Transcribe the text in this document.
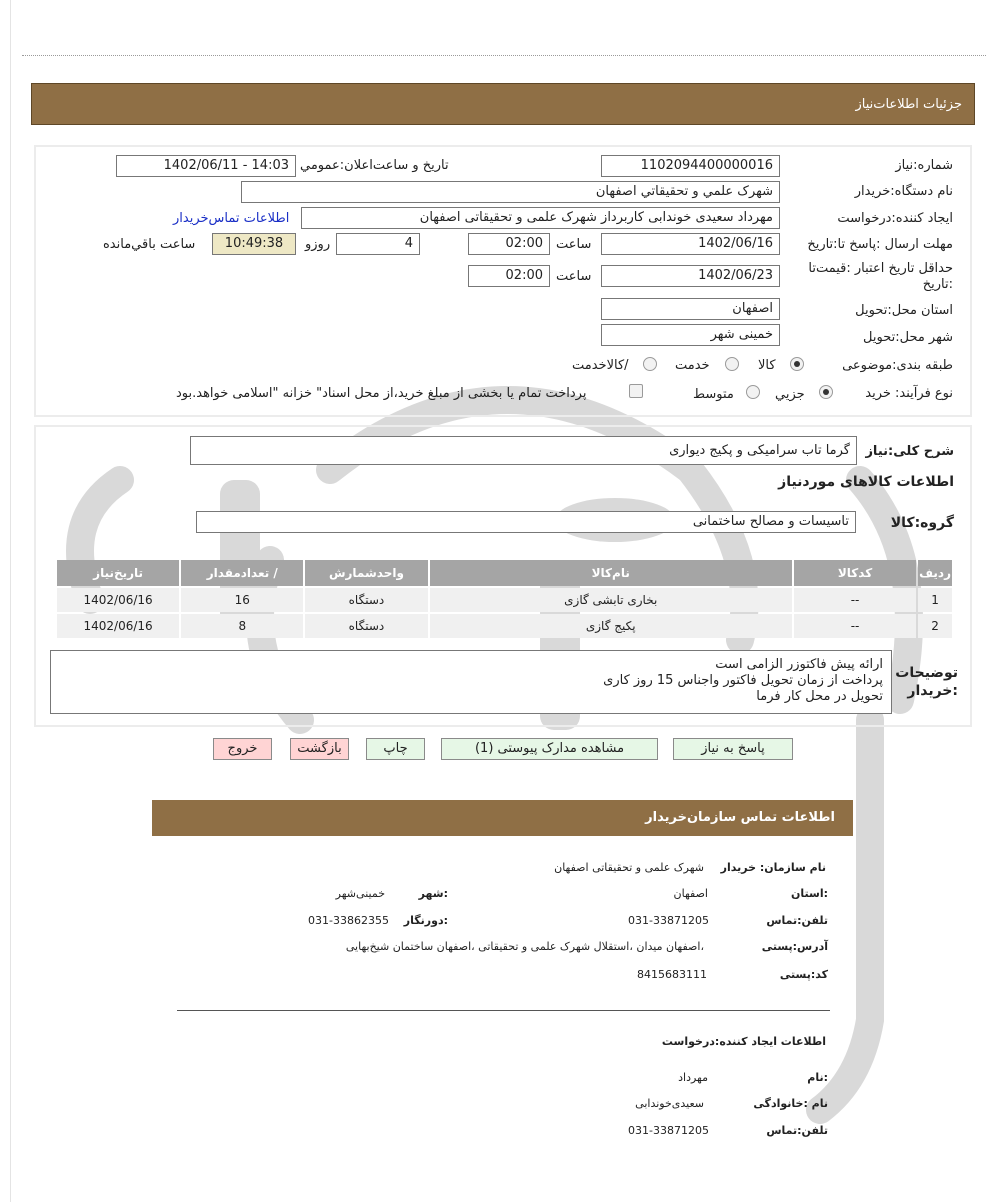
جزئیات اطلاعات‌نیاز
شماره:نیاز
1102094400000016
تاریخ و ساعت‌اعلان:عمومي
1402/06/11 - 14:03
نام دستگاه:خریدار
شهرک علمي و تحقیقاتي اصفهان
ایجاد کننده:درخواست
مهرداد سعیدی خوندابی کاربرداز شهرک علمی و تحقیقاتی اصفهان
اطلاعات تماس‌خریدار
مهلت ارسال :پاسخ تا:تاریخ
1402/06/16
ساعت
02:00
4
روزو
10:49:38
ساعت باقي‌مانده
حداقل تاریخ اعتبار :قیمت‌تا :تاریخ
1402/06/23
ساعت
02:00
استان محل:تحویل
اصفهان
شهر محل:تحویل
خمینی شهر
طبقه بندی:موضوعی
کالا
خدمت
/کالاخدمت
نوع فرآیند: خرید
جزیي
متوسط
پرداخت تمام یا بخشی از مبلغ خرید،از محل اسناد" خزانه "اسلامی خواهد.بود
شرح کلی:نیاز
گرما تاب سرامیکی و پکیج دیواری
اطلاعات کالاهای موردنیاز
گروه:کالا
تاسیسات و مصالح ساختمانی
ردیف	کدکالا	نام‌کالا	واحدشمارش	/ تعدادمقدار	تاریخ‌نیاز
1	--	بخاری تابشی گازی	دستگاه	16	1402/06/16
2	--	پکیج گازی	دستگاه	8	1402/06/16
توضیحات :خریدار
ارائه پیش فاکتوزر الزامی است
پرداخت از زمان تحویل فاکتور واجناس 15 روز کاری
تحویل در محل کار فرما
پاسخ به نیاز
مشاهده مدارک پیوستی (1)
چاپ
بازگشت
خروج
اطلاعات تماس سازمان‌خریدار
نام سازمان: خریدار
شهرک علمی و تحقیقاتی اصفهان
:استان
اصفهان
:شهر
خمینی‌شهر
تلفن:تماس
031-33871205
:دورنگار
031-33862355
آدرس:پستی
،اصفهان میدان ،استقلال شهرک علمی و تحقیقاتی ،اصفهان ساختمان شیخ‌بهایی
کد:پستی
8415683111
اطلاعات ایجاد کننده:درخواست
:نام
مهرداد
نام :خانوادگی
سعیدی‌خوندابی
تلفن:تماس
031-33871205
